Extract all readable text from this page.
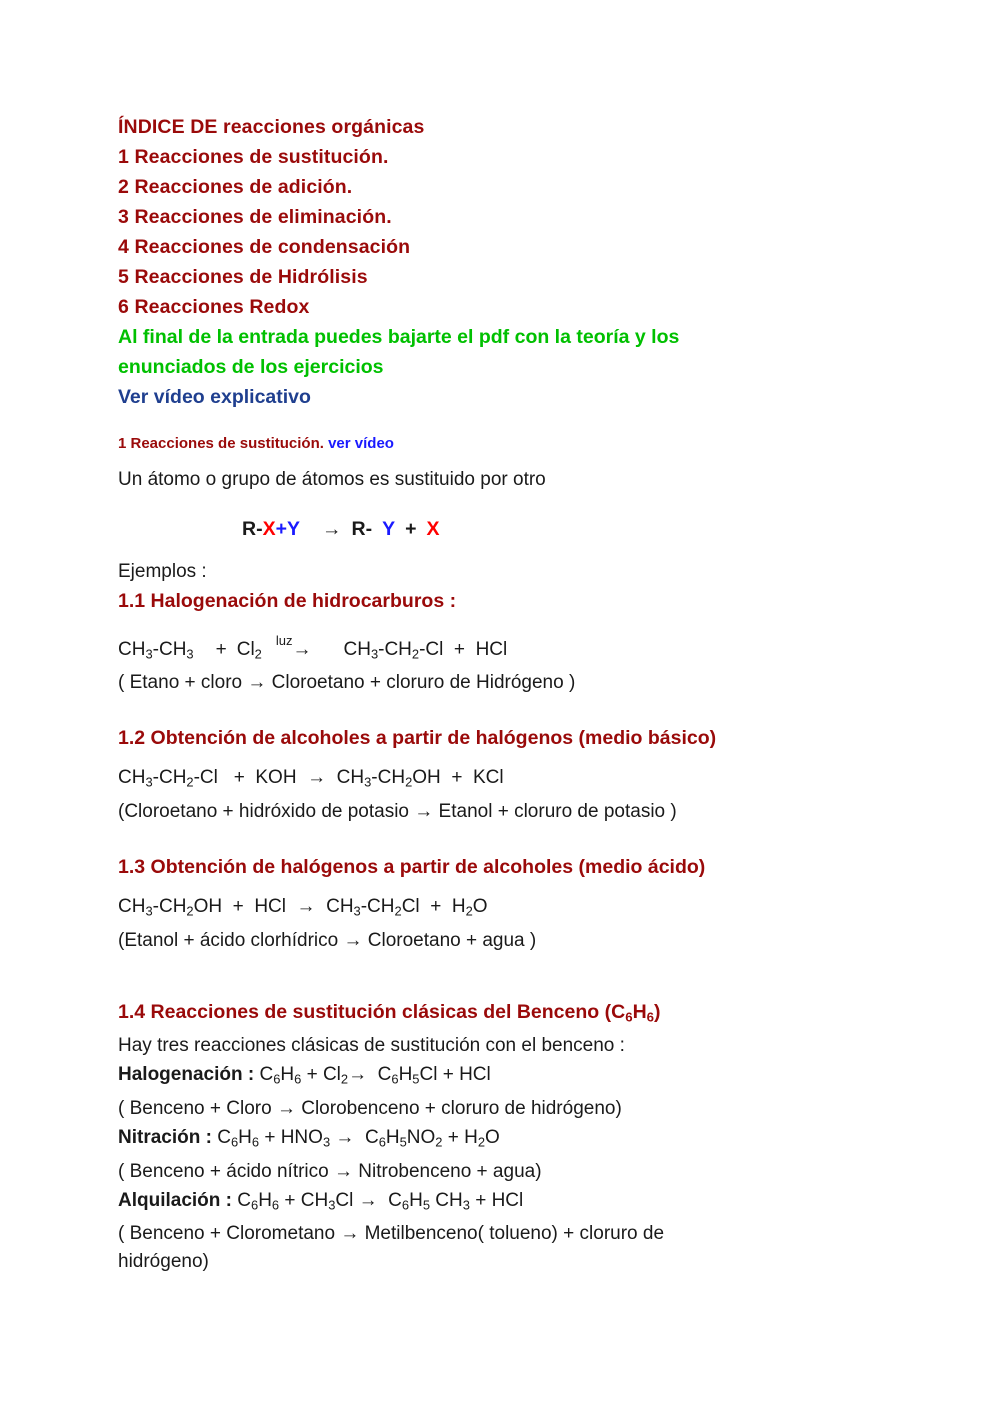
ÍNDICE DE reacciones orgánicas
1 Reacciones de sustitución.
2 Reacciones de adición.
3 Reacciones de eliminación.
4 Reacciones de condensación
5 Reacciones de Hidrólisis
6 Reacciones Redox
Al final de la entrada puedes bajarte el pdf con la teoría y los
enunciados de los ejercicios
Ver vídeo explicativo
1 Reacciones de sustitución. ver vídeo
Un átomo o grupo de átomos es sustituido por otro
R-X+Y → R- Y + X
Ejemplos :
1.1 Halogenación de hidrocarburos :
$CH_3-CH_3 + Cl_2^{luz}\to CH_3-CH_2-Cl$  +  HCl
( Etano + cloro → Cloroetano + cloruro de Hidrógeno )
1.2 Obtención de alcoholes a partir de halógenos (medio básico)
$CH_3-CH_2-Cl$   +  KOH  →  $CH_3-CH_2OH$  +  KCl
(Cloroetano + hidróxido de potasio → Etanol + cloruro de potasio )
1.3 Obtención de halógenos a partir de alcoholes (medio ácido)
$CH_3-CH_2OH$  +  HCl  →  $CH_3-CH_2Cl + H_2O$
(Etanol + ácido clorhídrico → Cloroetano + agua )
1.4 Reacciones de sustitución clásicas del Benceno $(C_6H_6)$
Hay tres reacciones clásicas de sustitución con el benceno :
Halogenación : $C_6H_6 + Cl_2\to C_6H_5Cl$ + HCl
( Benceno + Cloro → Clorobenceno + cloruro de hidrógeno)
Nitración : $C_6H_6 + HNO_3 \to C_6H_5NO_2 + H_2O$
( Benceno + ácido nítrico → Nitrobenceno + agua)
Alquilación : $C_6H_6 + CH_3Cl \to C_6H_5$ $CH_3$ + HCl
( Benceno + Clorometano → Metilbenceno( tolueno) + cloruro de
hidrógeno)
